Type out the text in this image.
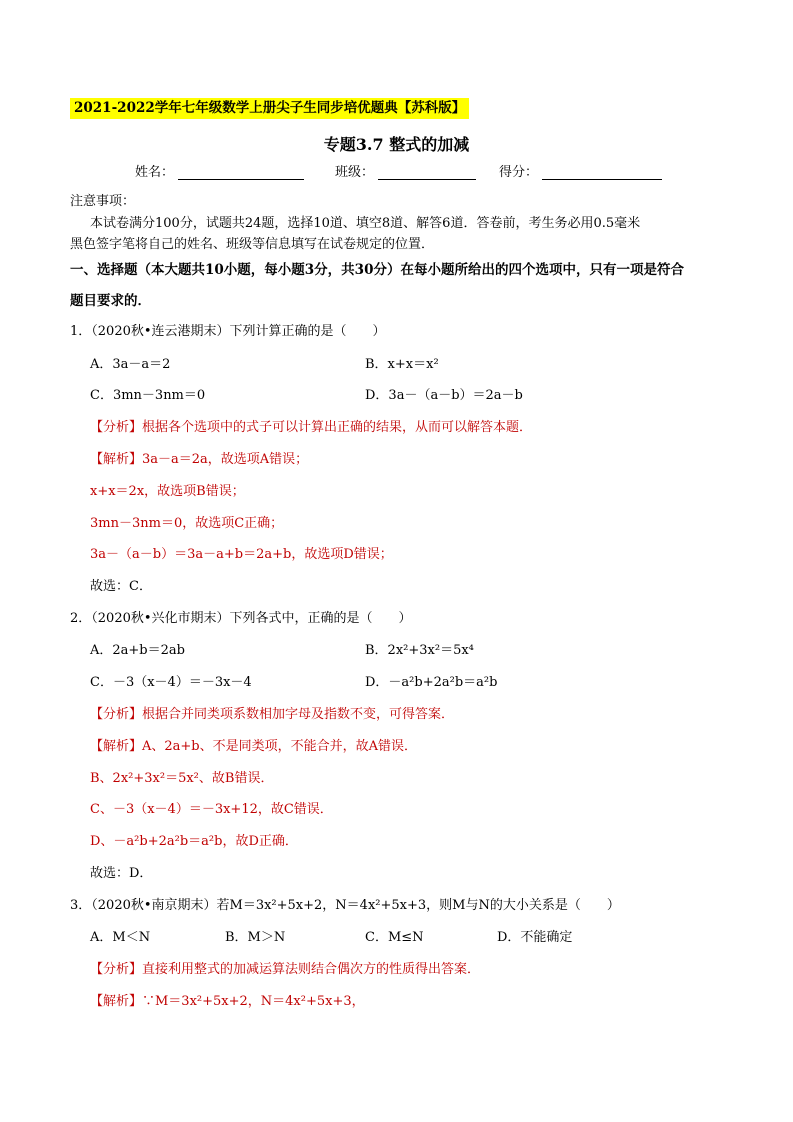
2021-2022学年七年级数学上册尖子生同步培优题典【苏科版】
专题3.7 整式的加减
姓名：	班级：	得分：
注意事项：
本试卷满分100分，试题共24题，选择10道、填空8道、解答6道．答卷前，考生务必用0.5毫米
黑色签字笔将自己的姓名、班级等信息填写在试卷规定的位置．
一、选择题（本大题共10小题，每小题3分，共30分）在每小题所给出的四个选项中，只有一项是符合
题目要求的．
1．（2020秋•连云港期末）下列计算正确的是（　　）
A．3a－a＝2	B．x+x＝x²
C．3mn－3nm＝0	D．3a－（a－b）＝2a－b
【分析】根据各个选项中的式子可以计算出正确的结果，从而可以解答本题．
【解析】3a－a＝2a，故选项A错误；
x+x＝2x，故选项B错误；
3mn－3nm＝0，故选项C正确；
3a－（a－b）＝3a－a+b＝2a+b，故选项D错误；
故选：C．
2．（2020秋•兴化市期末）下列各式中，正确的是（　　）
A．2a+b＝2ab	B．2x²+3x²＝5x⁴
C．－3（x－4）＝－3x－4	D．－a²b+2a²b＝a²b
【分析】根据合并同类项系数相加字母及指数不变，可得答案．
【解析】A、2a+b、不是同类项，不能合并，故A错误．
B、2x²+3x²＝5x²、故B错误．
C、－3（x－4）＝－3x+12，故C错误．
D、－a²b+2a²b＝a²b，故D正确．
故选：D．
3．（2020秋•南京期末）若M＝3x²+5x+2，N＝4x²+5x+3，则M与N的大小关系是（　　）
A．M＜N	B．M＞N	C．M≤N	D．不能确定
【分析】直接利用整式的加减运算法则结合偶次方的性质得出答案．
【解析】∵M＝3x²+5x+2，N＝4x²+5x+3，
